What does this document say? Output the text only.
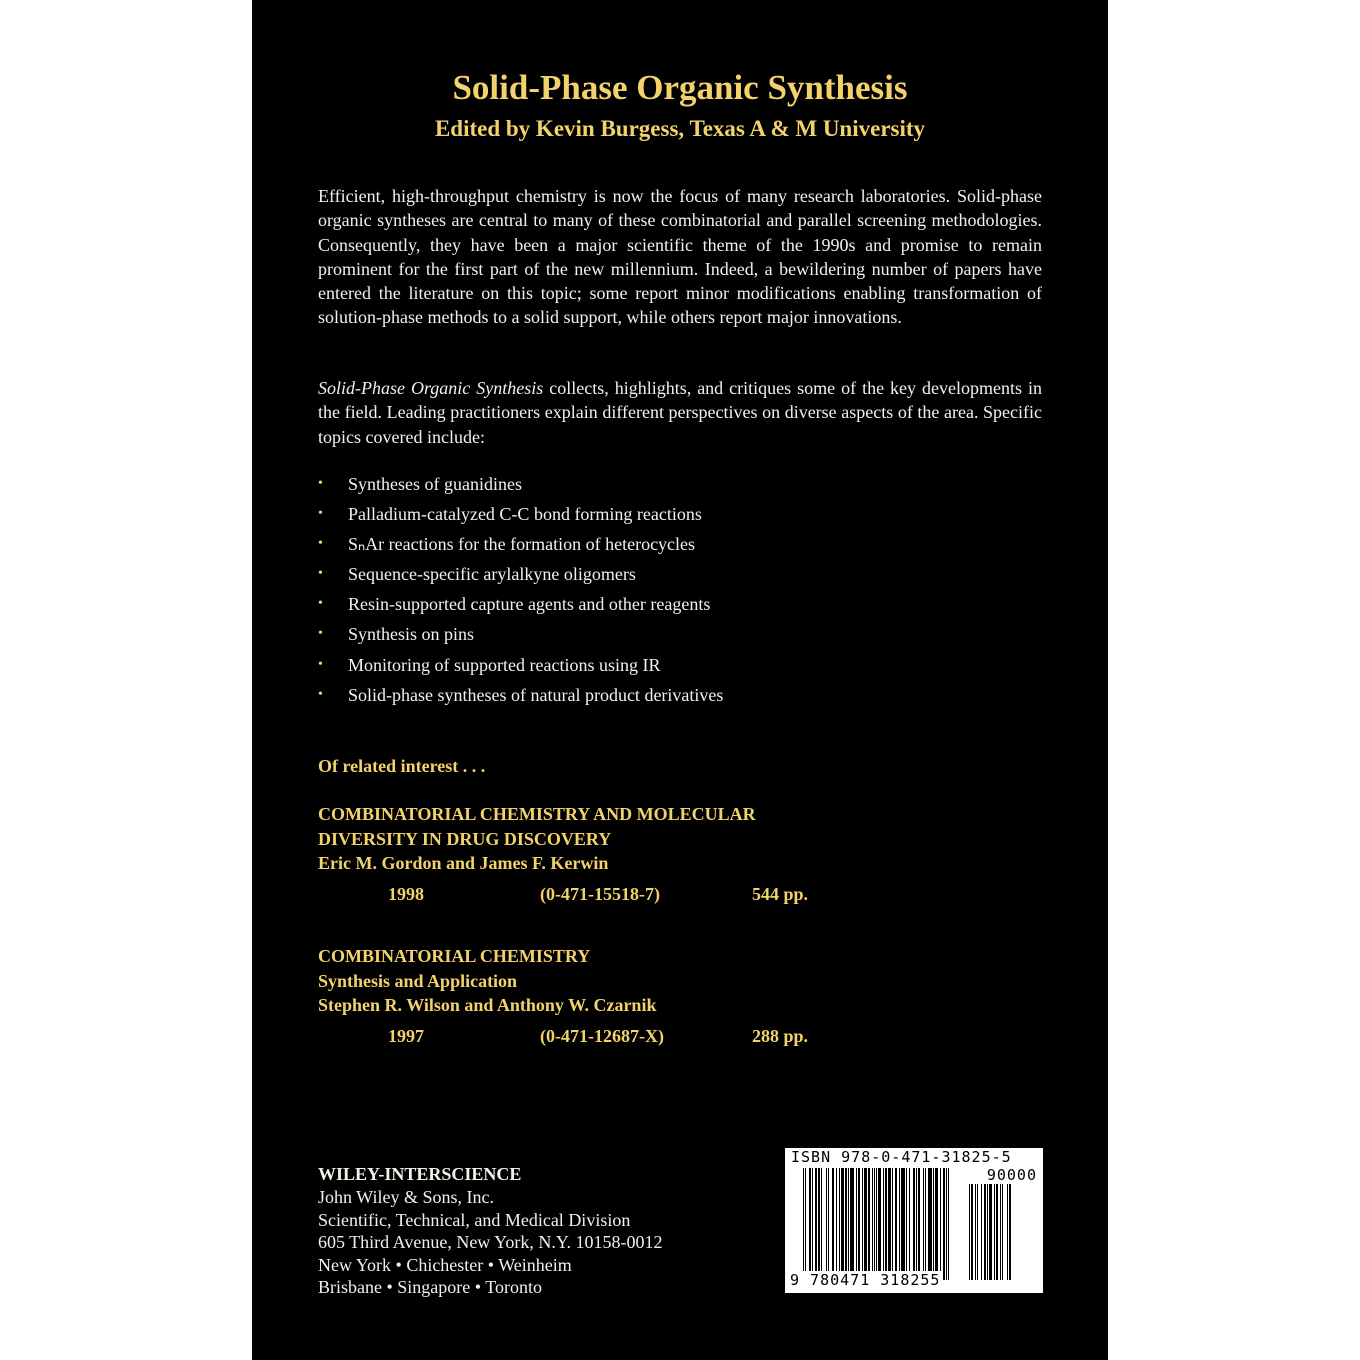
Solid-Phase Organic Synthesis
Edited by Kevin Burgess, Texas A & M University
Efficient, high-throughput chemistry is now the focus of many research laboratories. Solid-phase organic syntheses are central to many of these combinatorial and parallel screening methodologies. Consequently, they have been a major scientific theme of the 1990s and promise to remain prominent for the first part of the new millennium. Indeed, a bewildering number of papers have entered the literature on this topic; some report minor modifications enabling transformation of solution-phase methods to a solid support, while others report major innovations.
Solid-Phase Organic Synthesis collects, highlights, and critiques some of the key developments in the field. Leading practitioners explain different perspectives on diverse aspects of the area. Specific topics covered include:
• Syntheses of guanidines
• Palladium-catalyzed C-C bond forming reactions
• SₙAr reactions for the formation of heterocycles
• Sequence-specific arylalkyne oligomers
• Resin-supported capture agents and other reagents
• Synthesis on pins
• Monitoring of supported reactions using IR
• Solid-phase syntheses of natural product derivatives
Of related interest . . .
COMBINATORIAL CHEMISTRY AND MOLECULAR
DIVERSITY IN DRUG DISCOVERY
Eric M. Gordon and James F. Kerwin
1998	(0-471-15518-7)	544 pp.
COMBINATORIAL CHEMISTRY
Synthesis and Application
Stephen R. Wilson and Anthony W. Czarnik
1997	(0-471-12687-X)	288 pp.
WILEY-INTERSCIENCE
John Wiley & Sons, Inc.
Scientific, Technical, and Medical Division
605 Third Avenue, New York, N.Y. 10158-0012
New York • Chichester • Weinheim
Brisbane • Singapore • Toronto
ISBN 978-0-471-31825-5
90000
9 780471 318255
